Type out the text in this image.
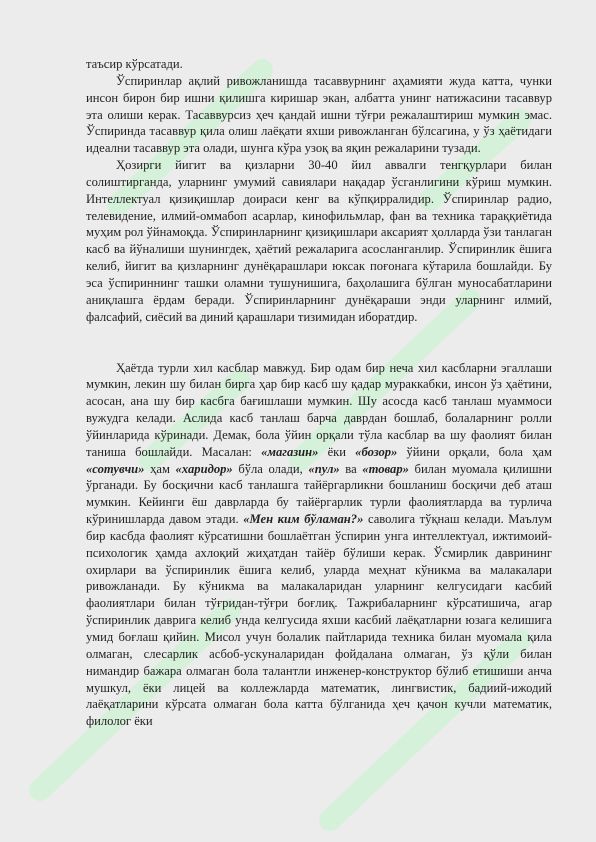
таъсир кўрсатади.

Ўспиринлар ақлий ривожланишда тасаввурнинг аҳамияти жуда катта, чунки инсон бирон бир ишни қилишга киришар экан, албатта унинг натижасини тасаввур эта олиши керак. Тасаввурсиз ҳеч қандай ишни тўғри режалаштириш мумкин эмас. Ўспиринда тасаввур қила олиш лаёқати яхши ривожланган бўлсагина, у ўз ҳаётидаги идеални тасаввур эта олади, шунга кўра узоқ ва яқин режаларини тузади.

Ҳозирги йигит ва қизларни 30-40 йил аввалги тенгқурлари билан солиштирганда, уларнинг умумий савиялари нақадар ўсганлигини кўриш мумкин. Интеллектуал қизиқишлар доираси кенг ва кўпқирралидир. Ўспиринлар радио, телевидение, илмий-оммабоп асарлар, кинофильмлар, фан ва техника тараққиётида муҳим рол ўйнамоқда. Ўспиринларнинг қизиқишлари аксарият ҳолларда ўзи танлаган касб ва йўналиши шунингдек, ҳаётий режаларига асосланганлир. Ўспиринлик ёшига келиб, йигит ва қизларнинг дунёқарашлари юксак поғонага кўтарила бошлайди. Бу эса ўспириннинг ташки оламни тушунишига, баҳолашига бўлган муносабатларини аниқлашга ёрдам беради. Ўспиринларнинг дунёқараши энди уларнинг илмий, фалсафий, сиёсий ва диний қарашлари тизимидан иборатдир.

Ҳаётда турли хил касблар мавжуд. Бир одам бир неча хил касбларни эгаллаши мумкин, лекин шу билан бирга ҳар бир касб шу қадар мураккабки, инсон ўз ҳаётини, асосан, ана шу бир касбга бағишлаши мумкин. Шу асосда касб танлаш муаммоси вужудга келади. Аслида касб танлаш барча даврдан бошлаб, болаларнинг ролли ўйинларида кўринади. Демак, бола ўйин орқали тўла касблар ва шу фаолият билан таниша бошлайди. Масалан: «магазин» ёки «бозор» ўйини орқали, бола ҳам «сотувчи» ҳам «харидор» бўла олади, «пул» ва «товар» билан муомала қилишни ўрганади. Бу босқични касб танлашга тайёргарликни бошланиш босқичи деб аташ мумкин. Кейинги ёш даврларда бу тайёргарлик турли фаолиятларда ва турлича кўринишларда давом этади. «Мен ким бўламан?» саволига тўқнаш келади. Маълум бир касбда фаолият кўрсатишни бошлаётган ўспирин унга интеллектуал, ижтимоий-психологик ҳамда ахлоқий жиҳатдан тайёр бўлиши керак. Ўсмирлик даврининг охирлари ва ўспиринлик ёшига келиб, уларда меҳнат кўникма ва малакалари ривожланади. Бу кўникма ва малакаларидан уларнинг келгусидаги касбий фаолиятлари билан тўғридан-тўғри боғлиқ. Тажрибаларнинг кўрсатишича, агар ўспиринлик даврига келиб унда келгусида яхши касбий лаёқатларни юзага келишига умид боғлаш қийин. Мисол учун болалик пайтларида техника билан муомала қила олмаган, слесарлик асбоб-ускуналаридан фойдалана олмаган, ўз қўли билан нимандир бажара олмаган бола талантли инженер-конструктор бўлиб етишиши анча мушкул, ёки лицей ва коллежларда математик, лингвистик, бадиий-ижодий лаёқатларини кўрсата олмаган бола катта бўлганида ҳеч қачон кучли математик, филолог ёки
